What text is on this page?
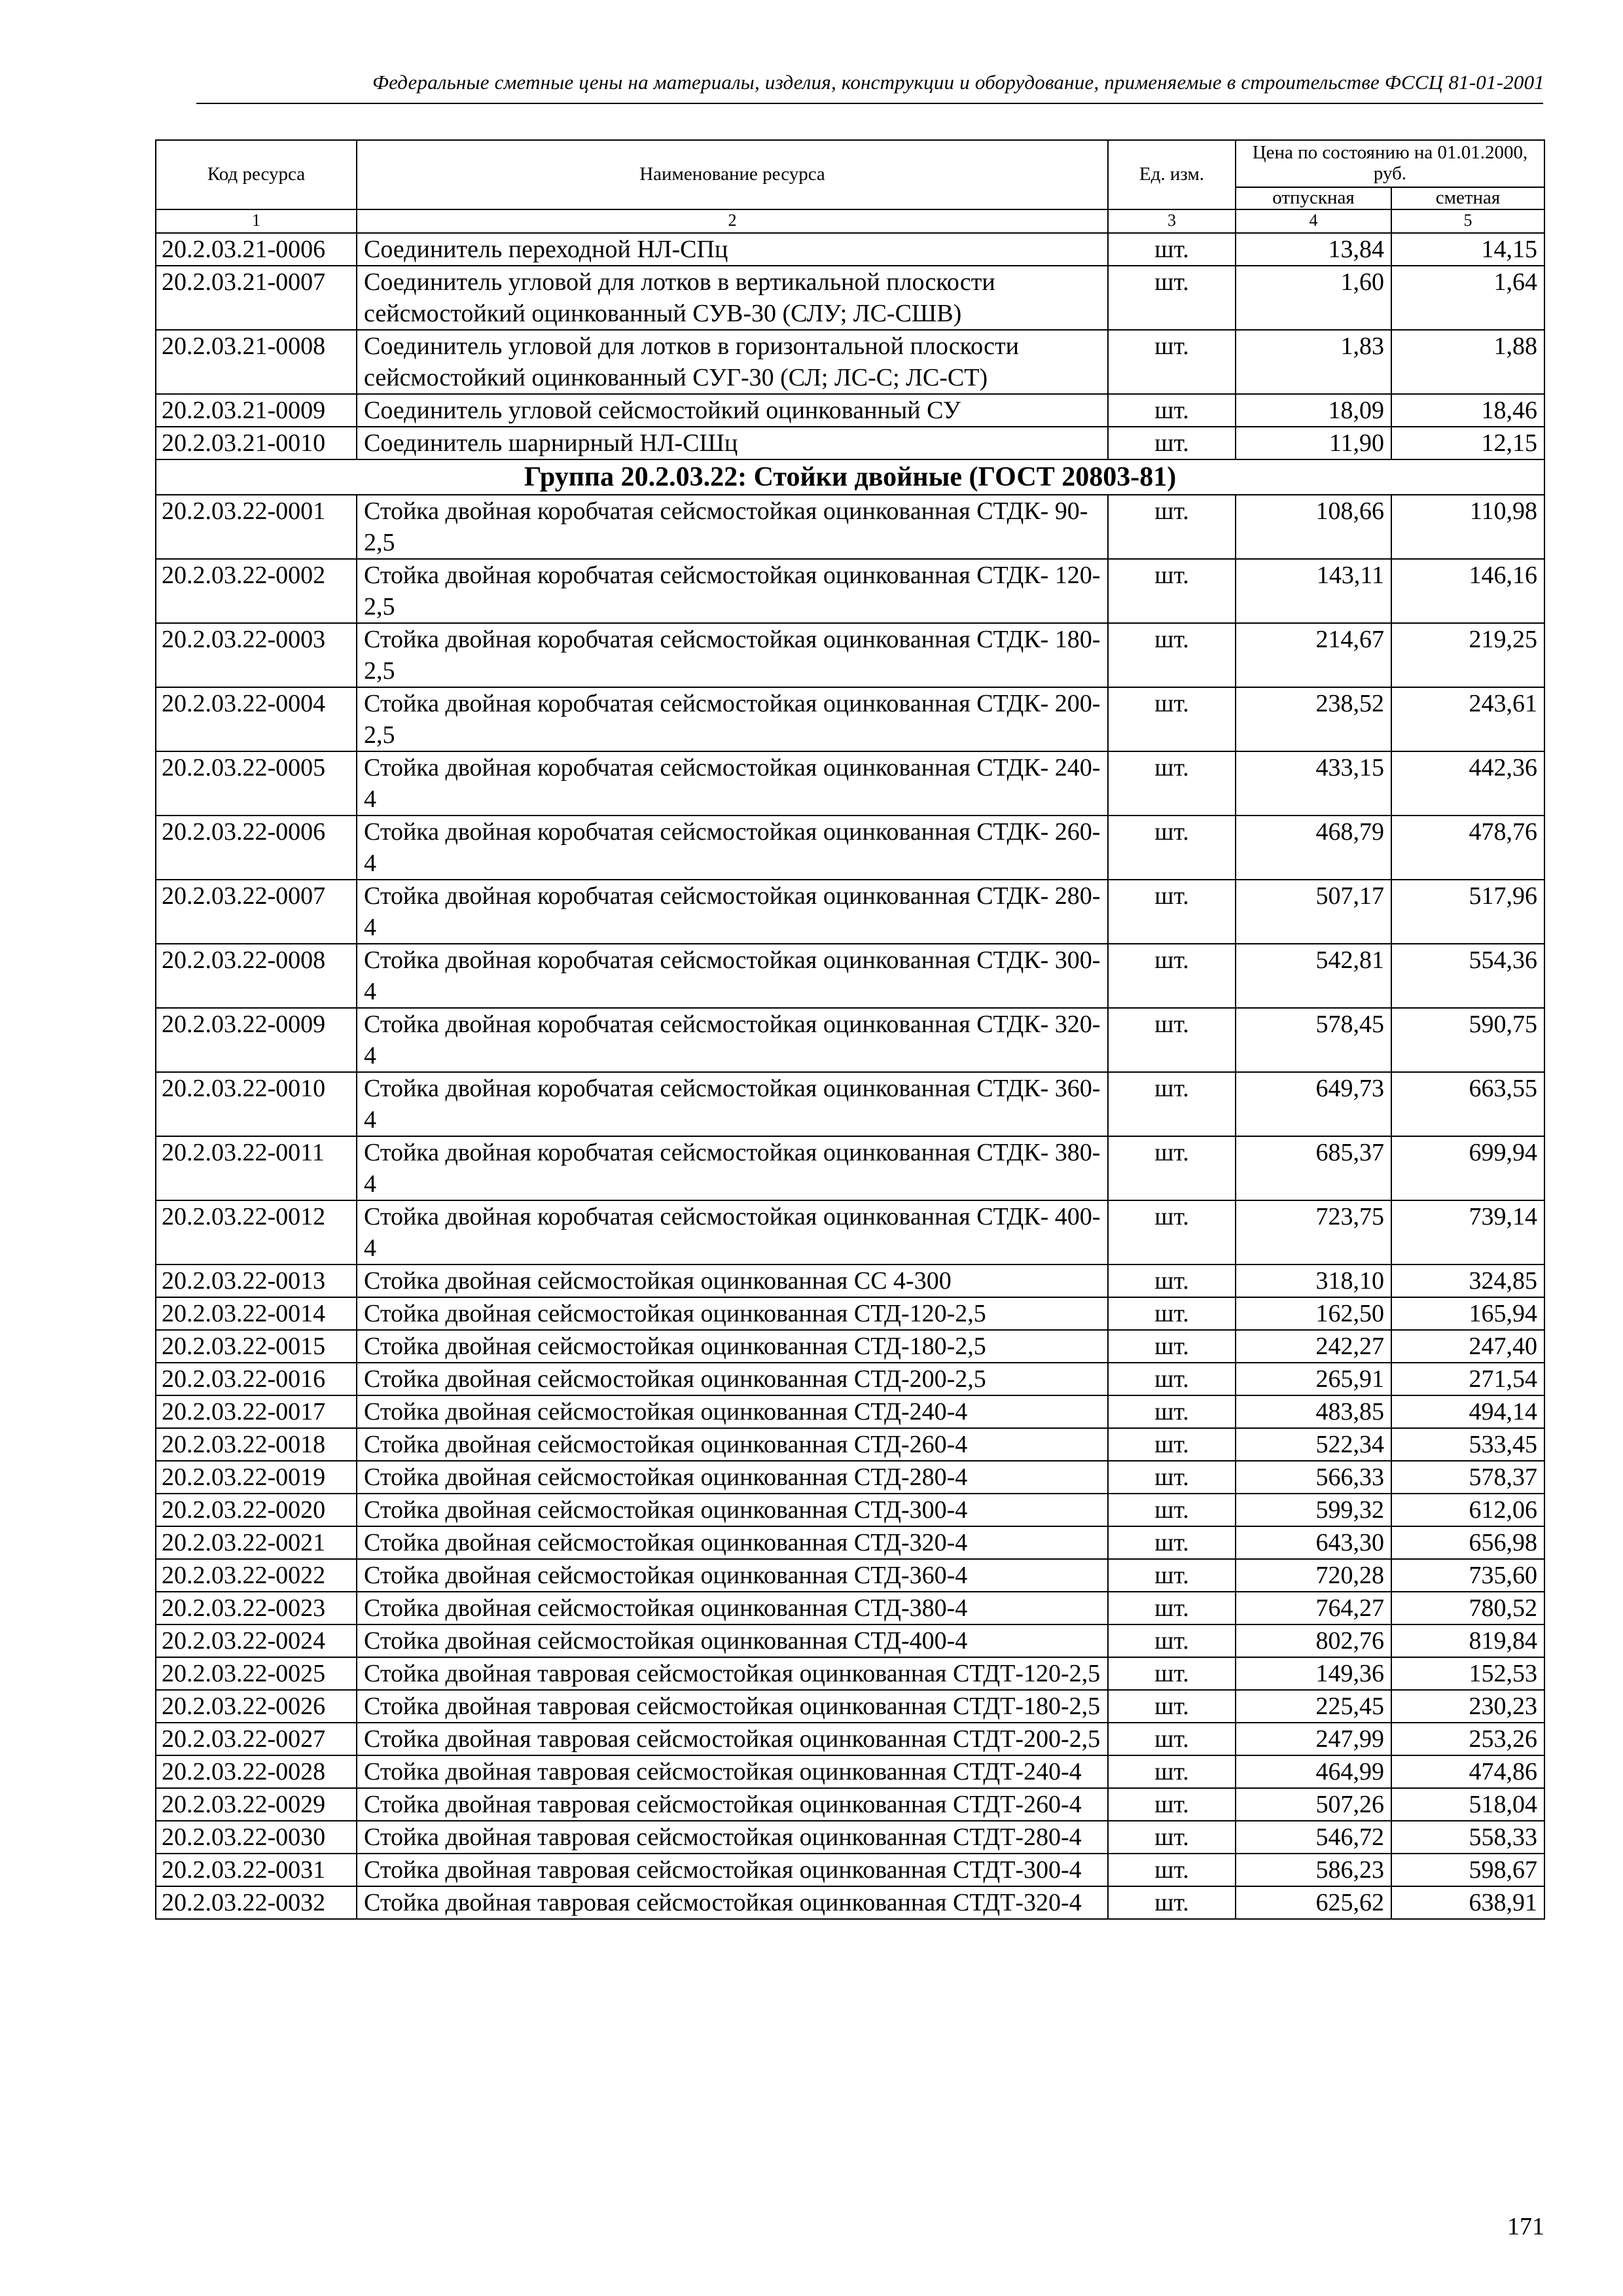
Федеральные сметные цены на материалы, изделия, конструкции и оборудование, применяемые в строительстве ФССЦ 81-01-2001
Код ресурса	Наименование ресурса	Ед. изм.	Цена по состоянию на 01.01.2000, руб.	
			отпускная	сметная
1	2	3	4	5
20.2.03.21-0006	Соединитель переходной НЛ-СПц	шт.	13,84	14,15
20.2.03.21-0007	Соединитель угловой для лотков в вертикальной плоскости сейсмостойкий оцинкованный СУВ-30 (СЛУ; ЛС-СШВ)	шт.	1,60	1,64
20.2.03.21-0008	Соединитель угловой для лотков в горизонтальной плоскости сейсмостойкий оцинкованный СУГ-30 (СЛ; ЛС-С; ЛС-СТ)	шт.	1,83	1,88
20.2.03.21-0009	Соединитель угловой сейсмостойкий оцинкованный СУ	шт.	18,09	18,46
20.2.03.21-0010	Соединитель шарнирный НЛ-СШц	шт.	11,90	12,15
Группа 20.2.03.22: Стойки двойные (ГОСТ 20803-81)				
20.2.03.22-0001	Стойка двойная коробчатая сейсмостойкая оцинкованная СТДК- 90-2,5	шт.	108,66	110,98
20.2.03.22-0002	Стойка двойная коробчатая сейсмостойкая оцинкованная СТДК- 120-2,5	шт.	143,11	146,16
20.2.03.22-0003	Стойка двойная коробчатая сейсмостойкая оцинкованная СТДК- 180-2,5	шт.	214,67	219,25
20.2.03.22-0004	Стойка двойная коробчатая сейсмостойкая оцинкованная СТДК- 200-2,5	шт.	238,52	243,61
20.2.03.22-0005	Стойка двойная коробчатая сейсмостойкая оцинкованная СТДК- 240-4	шт.	433,15	442,36
20.2.03.22-0006	Стойка двойная коробчатая сейсмостойкая оцинкованная СТДК- 260-4	шт.	468,79	478,76
20.2.03.22-0007	Стойка двойная коробчатая сейсмостойкая оцинкованная СТДК- 280-4	шт.	507,17	517,96
20.2.03.22-0008	Стойка двойная коробчатая сейсмостойкая оцинкованная СТДК- 300-4	шт.	542,81	554,36
20.2.03.22-0009	Стойка двойная коробчатая сейсмостойкая оцинкованная СТДК- 320-4	шт.	578,45	590,75
20.2.03.22-0010	Стойка двойная коробчатая сейсмостойкая оцинкованная СТДК- 360-4	шт.	649,73	663,55
20.2.03.22-0011	Стойка двойная коробчатая сейсмостойкая оцинкованная СТДК- 380-4	шт.	685,37	699,94
20.2.03.22-0012	Стойка двойная коробчатая сейсмостойкая оцинкованная СТДК- 400-4	шт.	723,75	739,14
20.2.03.22-0013	Стойка двойная сейсмостойкая оцинкованная СС 4-300	шт.	318,10	324,85
20.2.03.22-0014	Стойка двойная сейсмостойкая оцинкованная СТД-120-2,5	шт.	162,50	165,94
20.2.03.22-0015	Стойка двойная сейсмостойкая оцинкованная СТД-180-2,5	шт.	242,27	247,40
20.2.03.22-0016	Стойка двойная сейсмостойкая оцинкованная СТД-200-2,5	шт.	265,91	271,54
20.2.03.22-0017	Стойка двойная сейсмостойкая оцинкованная СТД-240-4	шт.	483,85	494,14
20.2.03.22-0018	Стойка двойная сейсмостойкая оцинкованная СТД-260-4	шт.	522,34	533,45
20.2.03.22-0019	Стойка двойная сейсмостойкая оцинкованная СТД-280-4	шт.	566,33	578,37
20.2.03.22-0020	Стойка двойная сейсмостойкая оцинкованная СТД-300-4	шт.	599,32	612,06
20.2.03.22-0021	Стойка двойная сейсмостойкая оцинкованная СТД-320-4	шт.	643,30	656,98
20.2.03.22-0022	Стойка двойная сейсмостойкая оцинкованная СТД-360-4	шт.	720,28	735,60
20.2.03.22-0023	Стойка двойная сейсмостойкая оцинкованная СТД-380-4	шт.	764,27	780,52
20.2.03.22-0024	Стойка двойная сейсмостойкая оцинкованная СТД-400-4	шт.	802,76	819,84
20.2.03.22-0025	Стойка двойная тавровая сейсмостойкая оцинкованная СТДТ-120-2,5	шт.	149,36	152,53
20.2.03.22-0026	Стойка двойная тавровая сейсмостойкая оцинкованная СТДТ-180-2,5	шт.	225,45	230,23
20.2.03.22-0027	Стойка двойная тавровая сейсмостойкая оцинкованная СТДТ-200-2,5	шт.	247,99	253,26
20.2.03.22-0028	Стойка двойная тавровая сейсмостойкая оцинкованная СТДТ-240-4	шт.	464,99	474,86
20.2.03.22-0029	Стойка двойная тавровая сейсмостойкая оцинкованная СТДТ-260-4	шт.	507,26	518,04
20.2.03.22-0030	Стойка двойная тавровая сейсмостойкая оцинкованная СТДТ-280-4	шт.	546,72	558,33
20.2.03.22-0031	Стойка двойная тавровая сейсмостойкая оцинкованная СТДТ-300-4	шт.	586,23	598,67
20.2.03.22-0032	Стойка двойная тавровая сейсмостойкая оцинкованная СТДТ-320-4	шт.	625,62	638,91
171
